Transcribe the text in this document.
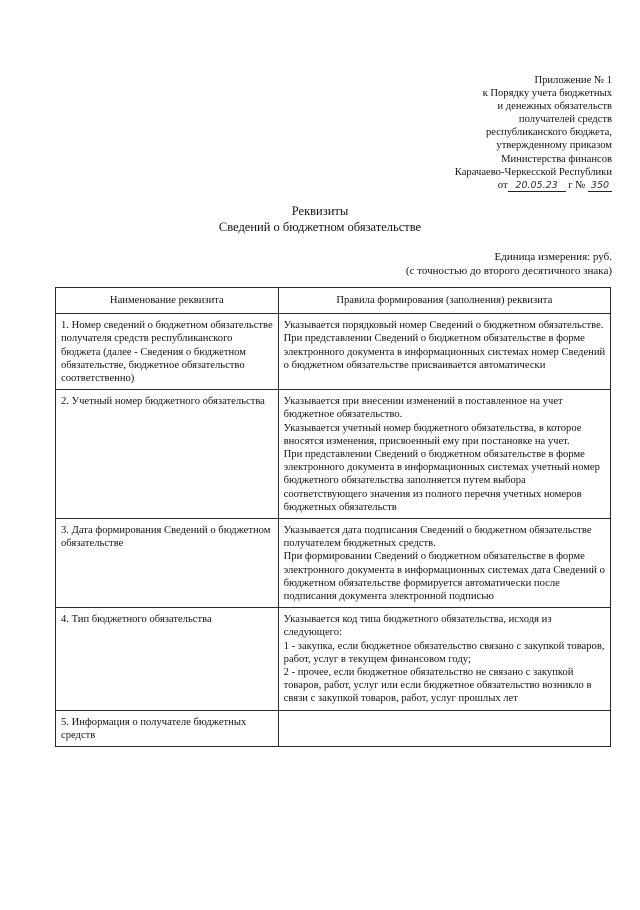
Приложение № 1
к Порядку учета бюджетных
и денежных обязательств
получателей средств
республиканского бюджета,
утвержденному приказом
Министерства финансов
Карачаево-Черкесской Республики
от 20.05.23 г № 350
Реквизиты
Сведений о бюджетном обязательстве
Единица измерения: руб.
(с точностью до второго десятичного знака)
Наименование реквизита	Правила формирования (заполнения) реквизита
1. Номер сведений о бюджетном обязательстве получателя средств республиканского бюджета (далее - Сведения о бюджетном обязательстве, бюджетное обязательство соответственно)	Указывается порядковый номер Сведений о бюджетном обязательстве.
При представлении Сведений о бюджетном обязательстве в форме электронного документа в информационных системах номер Сведений о бюджетном обязательстве присваивается автоматически

2. Учетный номер бюджетного обязательства	Указывается при внесении изменений в поставленное на учет бюджетное обязательство.
Указывается учетный номер бюджетного обязательства, в которое вносятся изменения, присвоенный ему при постановке на учет.
При представлении Сведений о бюджетном обязательстве в форме электронного документа в информационных системах учетный номер бюджетного обязательства заполняется путем выбора соответствующего значения из полного перечня учетных номеров бюджетных обязательств

3. Дата формирования Сведений о бюджетном обязательстве	Указывается дата подписания Сведений о бюджетном обязательстве получателем бюджетных средств.
При формировании Сведений о бюджетном обязательстве в форме электронного документа в информационных системах дата Сведений о бюджетном обязательстве формируется автоматически после подписания документа электронной подписью

4. Тип бюджетного обязательства	Указывается код типа бюджетного обязательства, исходя из следующего:
1 - закупка, если бюджетное обязательство связано с закупкой товаров, работ, услуг в текущем финансовом году;
2 - прочее, если бюджетное обязательство не связано с закупкой товаров, работ, услуг или если бюджетное обязательство возникло в связи с закупкой товаров, работ, услуг прошлых лет

5. Информация о получателе бюджетных средств	
